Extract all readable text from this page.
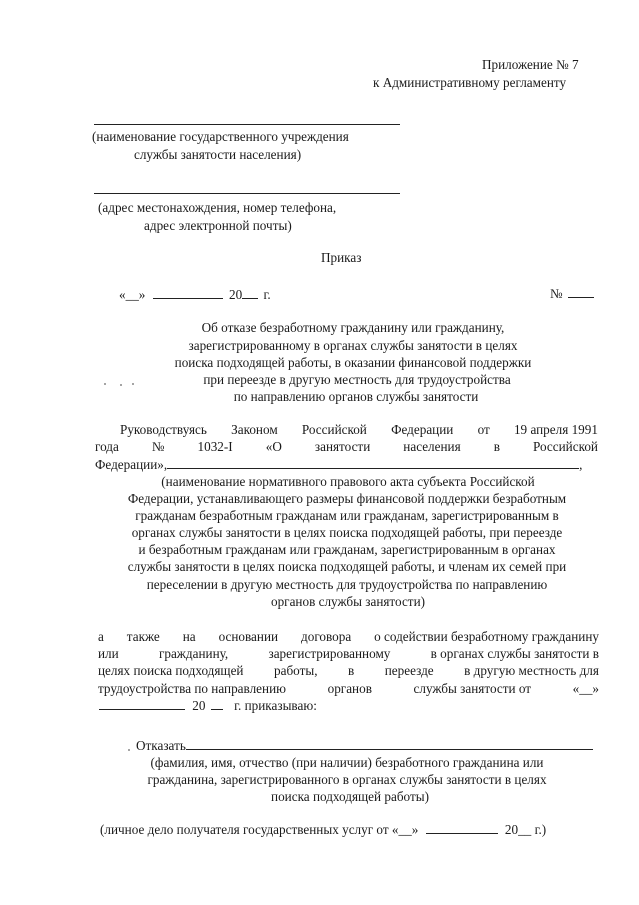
Приложение № 7
к Административному регламенту
(наименование государственного учреждения
службы занятости населения)
(адрес местонахождения, номер телефона,
адрес электронной почты)
Приказ
«__»	20 г.	№
Об отказе безработному гражданину или гражданину,
зарегистрированному в органах службы занятости в целях
поиска подходящей работы, в оказании финансовой поддержки
при переезде в другую местность для трудоустройства
по направлению органов службы занятости
Руководствуясь Законом Российской Федерации от 19 апреля 1991
года	№	1032-I	«О	занятости	населения	в	Российской
Федерации»,	,
(наименование нормативного правового акта субъекта Российской
Федерации, устанавливающего размеры финансовой поддержки безработным
гражданам безработным гражданам или гражданам, зарегистрированным в
органах службы занятости в целях поиска подходящей работы, при переезде
и безработным гражданам или гражданам, зарегистрированным в органах
службы занятости в целях поиска подходящей работы, и членам их семей при
переселении в другую местность для трудоустройства по направлению
органов службы занятости)
а также на основании договора о содействии безработному гражданину
или	гражданину,	зарегистрированному	в органах службы занятости в
целях поиска подходящей работы, в переезде в другую местность для
трудоустройства по направлению	органов	службы занятости от	«__»
20 г. приказываю:
Отказать
(фамилия, имя, отчество (при наличии) безработного гражданина или
гражданина, зарегистрированного в органах службы занятости в целях
поиска подходящей работы)
(личное дело получателя государственных услуг от «__»	20__ г.)
